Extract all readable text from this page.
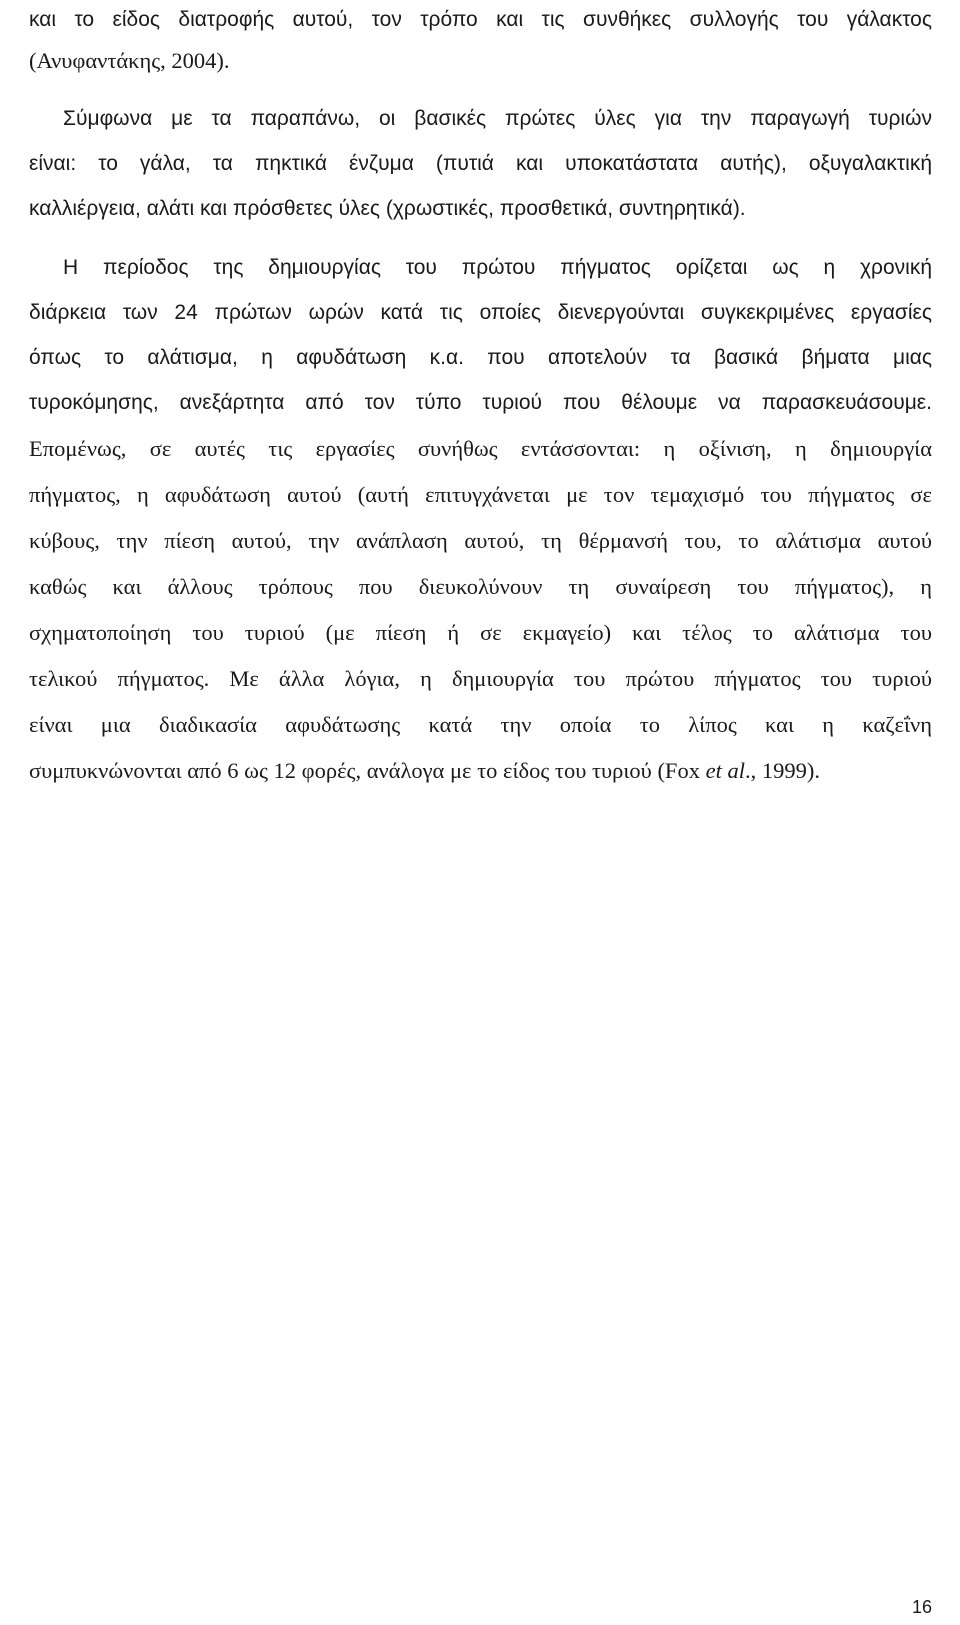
και το είδος διατροφής αυτού, τον τρόπο και τις συνθήκες συλλογής του γάλακτος
(Ανυφαντάκης, 2004).
Σύμφωνα με τα παραπάνω, οι βασικές πρώτες ύλες για την παραγωγή τυριών
είναι: το γάλα, τα πηκτικά ένζυμα (πυτιά και υποκατάστατα αυτής), οξυγαλακτική
καλλιέργεια, αλάτι και πρόσθετες ύλες (χρωστικές, προσθετικά, συντηρητικά).
Η περίοδος της δημιουργίας του πρώτου πήγματος ορίζεται ως η χρονική
διάρκεια των 24 πρώτων ωρών κατά τις οποίες διενεργούνται συγκεκριμένες εργασίες
όπως το αλάτισμα, η αφυδάτωση κ.α. που αποτελούν τα βασικά βήματα μιας
τυροκόμησης, ανεξάρτητα από τον τύπο τυριού που θέλουμε να παρασκευάσουμε.
Επομένως, σε αυτές τις εργασίες συνήθως εντάσσονται: η οξίνιση, η δημιουργία
πήγματος, η αφυδάτωση αυτού (αυτή επιτυγχάνεται με τον τεμαχισμό του πήγματος σε
κύβους, την πίεση αυτού, την ανάπλαση αυτού, τη θέρμανσή του, το αλάτισμα αυτού
καθώς και άλλους τρόπους που διευκολύνουν τη συναίρεση του πήγματος), η
σχηματοποίηση του τυριού (με πίεση ή σε εκμαγείο) και τέλος το αλάτισμα του
τελικού πήγματος. Με άλλα λόγια, η δημιουργία του πρώτου πήγματος του τυριού
είναι μια διαδικασία αφυδάτωσης κατά την οποία το λίπος και η καζεΐνη
συμπυκνώνονται από 6 ως 12 φορές, ανάλογα με το είδος του τυριού (Fox et al., 1999).
16
